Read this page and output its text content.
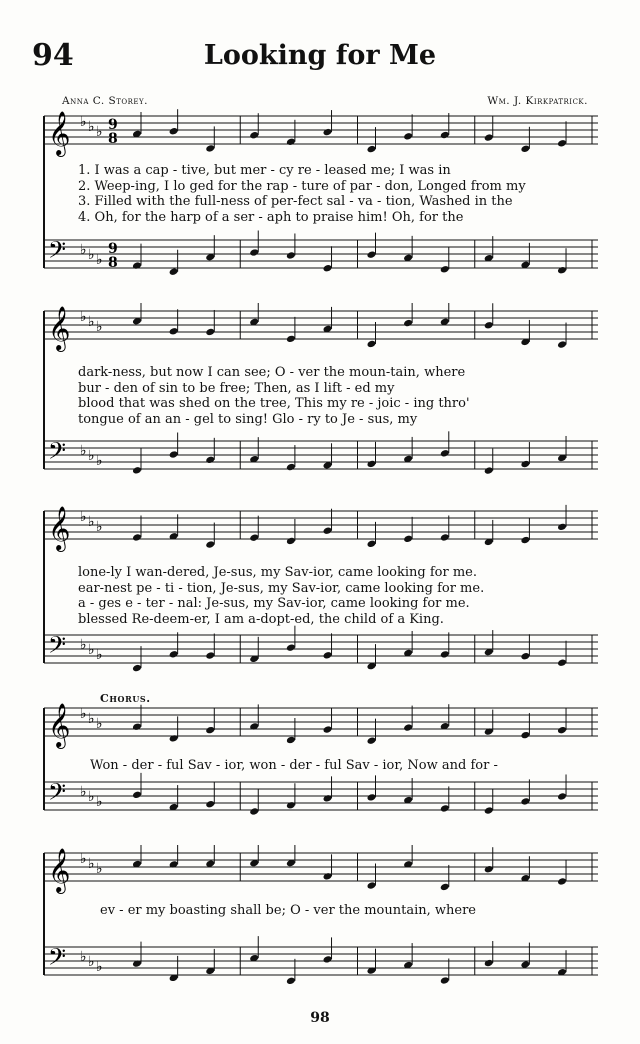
94	Looking for Me
Anna C. Storey.	Wm. J. Kirkpatrick.
𝄞
𝄢
♭
♭
♭
♭
♭
♭
9
8
9
8
1. I was a cap - tive, but mer - cy re - leased me; I was in
2. Weep-ing, I lo ged for the rap - ture of par - don, Longed from my
3. Filled with the full-ness of per-fect sal - va - tion, Washed in the
4. Oh, for the harp of a ser - aph to praise him! Oh, for the
𝄞
𝄢
♭
♭
♭
♭
♭
♭
dark-ness, but now I can see; O - ver the moun-tain, where
bur - den of sin to be free; Then, as I lift - ed my
blood that was shed on the tree, This my re - joic - ing thro'
tongue of an an - gel to sing! Glo - ry to Je - sus, my
𝄞
𝄢
♭
♭
♭
♭
♭
♭
lone-ly I wan-dered, Je-sus, my Sav-ior, came looking for me.
ear-nest pe - ti - tion, Je-sus, my Sav-ior, came looking for me.
a - ges e - ter - nal: Je-sus, my Sav-ior, came looking for me.
blessed Re-deem-er, I am a-dopt-ed, the child of a King.
Chorus.
𝄞
𝄢
♭
♭
♭
♭
♭
♭
Won - der - ful Sav - ior, won - der - ful Sav - ior, Now and for -
𝄞
𝄢
♭
♭
♭
♭
♭
♭
ev - er my boasting shall be; O - ver the mountain, where
98
